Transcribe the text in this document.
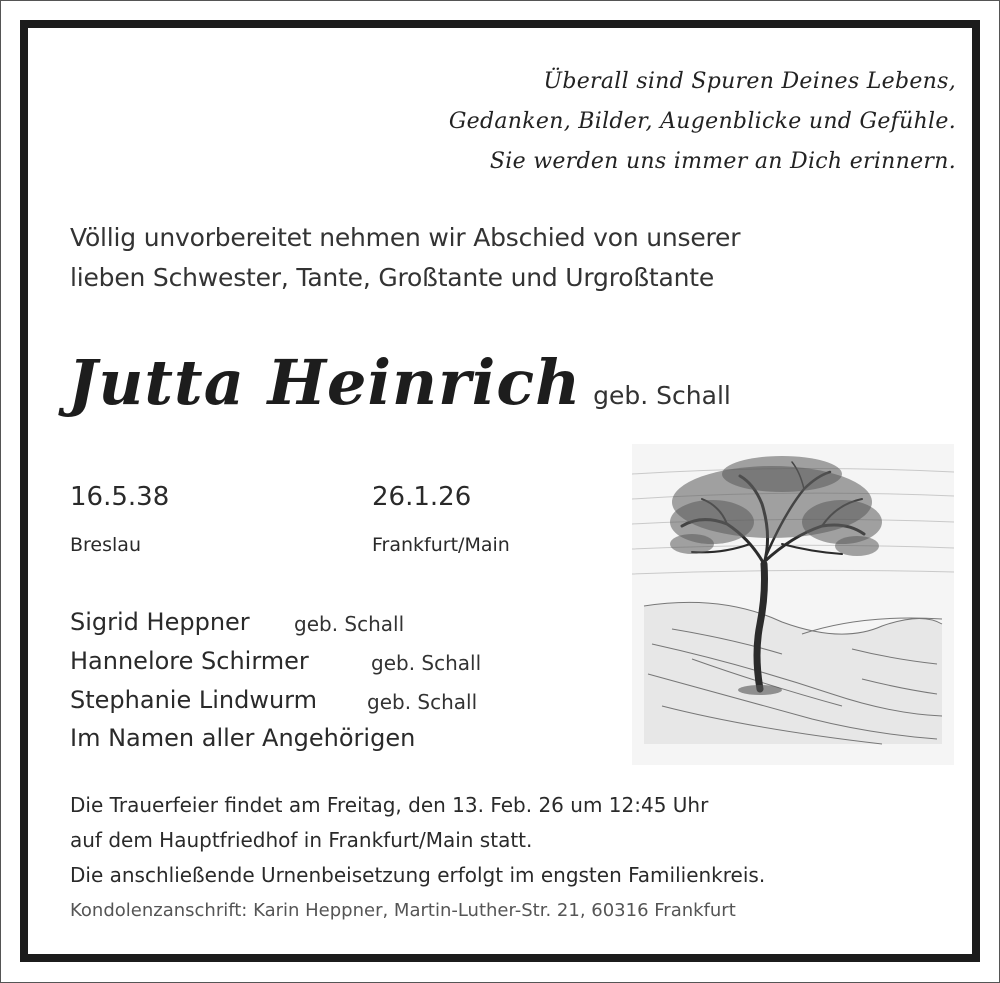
Überall sind Spuren Deines Lebens,
Gedanken, Bilder, Augenblicke und Gefühle.
Sie werden uns immer an Dich erinnern.
Völlig unvorbereitet nehmen wir Abschied von unserer
lieben Schwester, Tante, Großtante und Urgroßtante
Jutta Heinrich geb. Schall
16.5.38
Breslau
26.1.26
Frankfurt/Main
Sigrid Heppner geb. Schall
Hannelore Schirmer	geb. Schall
Stephanie Lindwurm	geb. Schall
Im Namen aller Angehörigen
Die Trauerfeier findet am Freitag, den 13. Feb. 26 um 12:45 Uhr
auf dem Hauptfriedhof in Frankfurt/Main statt.
Die anschließende Urnenbeisetzung erfolgt im engsten Familienkreis.
Kondolenzanschrift: Karin Heppner, Martin-Luther-Str. 21, 60316 Frankfurt
